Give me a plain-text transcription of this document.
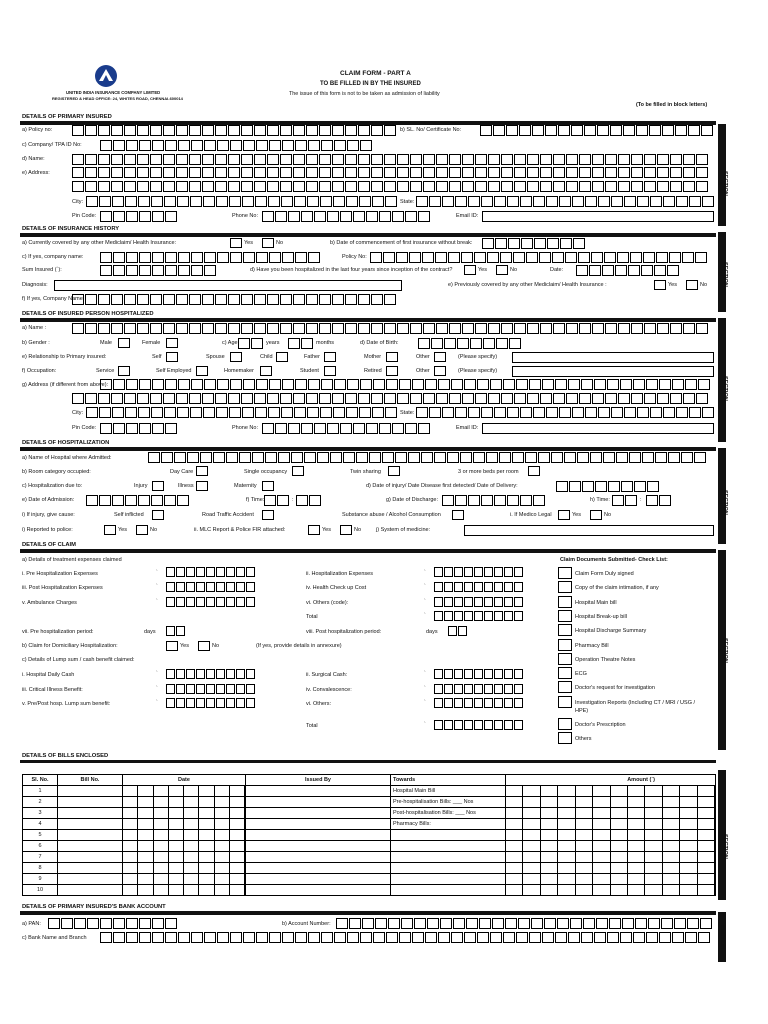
UNITED INDIA INSURANCE COMPANY LIMITED
REGISTERED & HEAD OFFICE: 24, WHITES ROAD, CHENNAI-600014
CLAIM FORM - PART A
TO BE FILLED IN BY THE INSURED
The issue of this form is not to be taken as admission of liability
(To be filled in block letters)
SECTION A
SECTION B
SECTION C
SECTION D
SECTION E
SECTION F
SECTION
DETAILS OF PRIMARY INSURED
a) Policy no:	b) SL. No/ Certificate No:
c) Company/ TPA ID No:
d) Name:
e) Address:
City:	State:
Pin Code:	Phone No:	Email ID:
DETAILS OF INSURANCE HISTORY
a) Currently covered by any other Mediclaim/ Health Insurance:	Yes	No	b) Date of commencement of first insurance without break:
c) If yes, company name:	Policy No:
Sum Insured (`):	d) Have you been hospitalized in the last four years since inception of the contract?	Yes	No	Date:
Diagnosis:	e) Previously covered by any other Mediclaim/ Health Insurance :	Yes	No
f) If yes, Company Name:
DETAILS OF INSURED PERSON HOSPITALIZED
a) Name :
b) Gender :	Male	Female	c) Age:	years	months	d) Date of Birth:
e) Relationship to Primary insured:	Self	Spouse	Child	Father	Mother	Other	(Please specify)
f) Occupation:	Service	Self Employed	Homemaker	Student	Retired	Other	(Please specify)
g) Address (if different from above):
City:	State:
Pin Code:	Phone No:	Email ID:
DETAILS OF HOSPITALIZATION
a) Name of Hospital where Admitted:
b) Room category occupied:	Day Care	Single occupancy	Twin sharing	3 or more beds per room
c) Hospitalization due to:	Injury	Illness	Maternity	d) Date of injury/ Date Disease first detected/ Date of Delivery:
e) Date of Admission:	f) Time:	:	g) Date of Discharge:	h) Time:	:
i) If injury, give cause:	Self inflicted	Road Traffic Accident	Substance abuse / Alcohol Consumption	i. If Medico Legal	Yes	No
i) Reported to police:	Yes	No	ii. MLC Report & Police FIR attached:	Yes	No	j) System of medicine:
DETAILS OF CLAIM
a) Details of treatment expenses claimed	Claim Documents Submitted- Check List:
i. Pre Hospitalization Expenses	`	ii. Hospitalization Expenses	`
iii. Post Hospitalization Expenses	`	iv. Health Check up Cost	`
v. Ambulance Charges	`	vi. Others (code):	`
Total	`
vii. Pre hospitalization period:	days	viii. Post hospitalization period:	days
b) Claim for Domiciliary Hospitalization:	Yes	No	(If yes, provide details in annexure)
c) Details of Lump sum / cash benefit claimed:
i. Hospital Daily Cash	`	ii. Surgical Cash:	`
iii. Critical Illness Benefit:	`	iv. Convalescence:	`
v. Pre/Post hosp. Lump sum benefit:	`	vi. Others:	`
Total	`
Claim Form Duly signed
Copy of the claim intimation, if any
Hospital Main bill
Hospital Break-up bill
Hospital Discharge Summary
Pharmacy Bill
Operation Theatre Notes
ECG
Doctor's request for investigation
Investigation Reports (Including CT / MRI / USG / HPE)
Doctor's Prescription
Others
DETAILS OF BILLS ENCLOSED
Sl. No.	Bill No.	Date	Issued By	Towards	Amount (`)
1				Hospital Main Bill	

2				Pre-hospitalisation Bills: ___ Nos	

3				Post-hospitalisation Bills: ___ Nos	

4				Pharmacy Bills:	

5		

6		

7		

8		

9		

10		

DETAILS OF PRIMARY INSURED'S BANK ACCOUNT
a) PAN:	b) Account Number:
c) Bank Name and Branch
